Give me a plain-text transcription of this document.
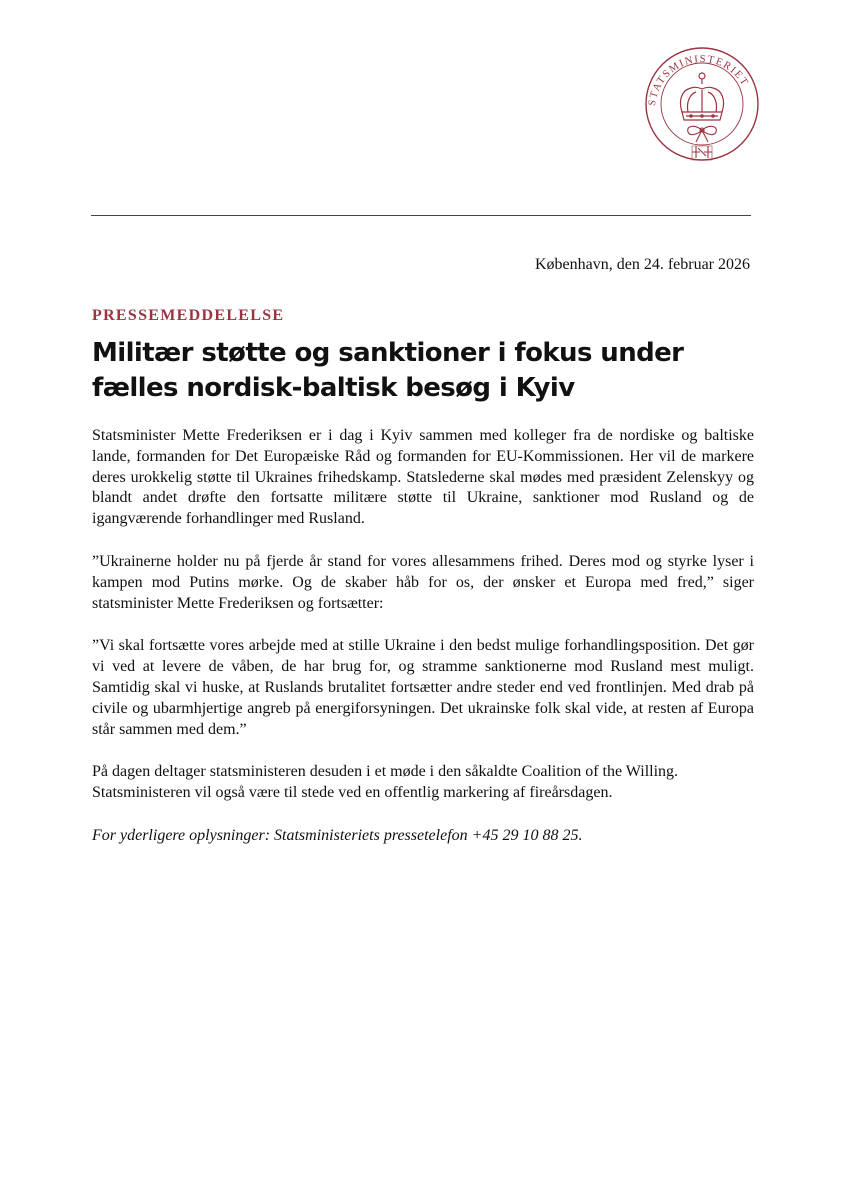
STATSMINISTERIET
København, den 24. februar 2026
PRESSEMEDDELELSE
Militær støtte og sanktioner i fokus under fælles nordisk-baltisk besøg i Kyiv

Statsminister Mette Frederiksen er i dag i Kyiv sammen med kolleger fra de nordiske og baltiske lande, formanden for Det Europæiske Råd og formanden for EU-Kommissionen. Her vil de markere deres urokkelig støtte til Ukraines frihedskamp. Statslederne skal mødes med præsident Zelenskyy og blandt andet drøfte den fortsatte militære støtte til Ukraine, sanktioner mod Rusland og de igangværende forhandlinger med Rusland.

”Ukrainerne holder nu på fjerde år stand for vores allesammens frihed. Deres mod og styrke lyser i kampen mod Putins mørke. Og de skaber håb for os, der ønsker et Europa med fred,” siger statsminister Mette Frederiksen og fortsætter:

”Vi skal fortsætte vores arbejde med at stille Ukraine i den bedst mulige forhandlingsposition. Det gør vi ved at levere de våben, de har brug for, og stramme sanktionerne mod Rusland mest muligt. Samtidig skal vi huske, at Ruslands brutalitet fortsætter andre steder end ved frontlinjen. Med drab på civile og ubarmhjertige angreb på energiforsyningen. Det ukrainske folk skal vide, at resten af Europa står sammen med dem.”

På dagen deltager statsministeren desuden i et møde i den såkaldte Coalition of the Willing. Statsministeren vil også være til stede ved en offentlig markering af fireårsdagen.

For yderligere oplysninger: Statsministeriets pressetelefon +45 29 10 88 25.
